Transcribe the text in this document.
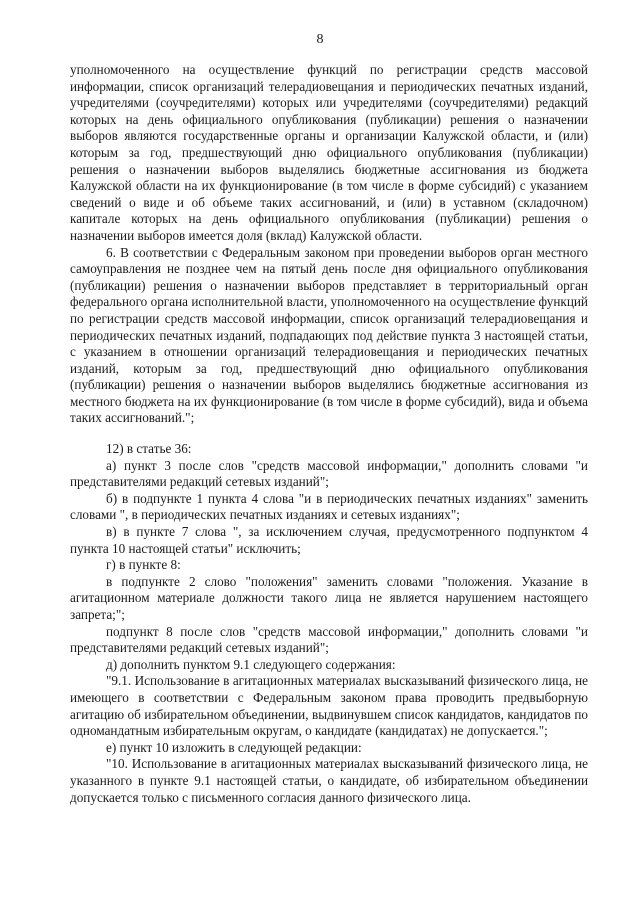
8

уполномоченного на осуществление функций по регистрации средств массовой информации, список организаций телерадиовещания и периодических печатных изданий, учредителями (соучредителями) которых или учредителями (соучредителями) редакций которых на день официального опубликования (публикации) решения о назначении выборов являются государственные органы и организации Калужской области, и (или) которым за год, предшествующий дню официального опубликования (публикации) решения о назначении выборов выделялись бюджетные ассигнования из бюджета Калужской области на их функционирование (в том числе в форме субсидий) с указанием сведений о виде и об объеме таких ассигнований, и (или) в уставном (складочном) капитале которых на день официального опубликования (публикации) решения о назначении выборов имеется доля (вклад) Калужской области.

6. В соответствии с Федеральным законом при проведении выборов орган местного самоуправления не позднее чем на пятый день после дня официального опубликования (публикации) решения о назначении выборов представляет в территориальный орган федерального органа исполнительной власти, уполномоченного на осуществление функций по регистрации средств массовой информации, список организаций телерадиовещания и периодических печатных изданий, подпадающих под действие пункта 3 настоящей статьи, с указанием в отношении организаций телерадиовещания и периодических печатных изданий, которым за год, предшествующий дню официального опубликования (публикации) решения о назначении выборов выделялись бюджетные ассигнования из местного бюджета на их функционирование (в том числе в форме субсидий), вида и объема таких ассигнований.";

12) в статье 36:

а) пункт 3 после слов "средств массовой информации," дополнить словами "и представителями редакций сетевых изданий";

б) в подпункте 1 пункта 4 слова "и в периодических печатных изданиях" заменить словами ", в периодических печатных изданиях и сетевых изданиях";

в) в пункте 7 слова ", за исключением случая, предусмотренного подпунктом 4 пункта 10 настоящей статьи" исключить;

г) в пункте 8:

в подпункте 2 слово "положения" заменить словами "положения. Указание в агитационном материале должности такого лица не является нарушением настоящего запрета;";

подпункт 8 после слов "средств массовой информации," дополнить словами "и представителями редакций сетевых изданий";

д) дополнить пунктом 9.1 следующего содержания:

"9.1. Использование в агитационных материалах высказываний физического лица, не имеющего в соответствии с Федеральным законом права проводить предвыборную агитацию об избирательном объединении, выдвинувшем список кандидатов, кандидатов по одномандатным избирательным округам, о кандидате (кандидатах) не допускается.";

е) пункт 10 изложить в следующей редакции:

"10. Использование в агитационных материалах высказываний физического лица, не указанного в пункте 9.1 настоящей статьи, о кандидате, об избирательном объединении допускается только с письменного согласия данного физического лица.
